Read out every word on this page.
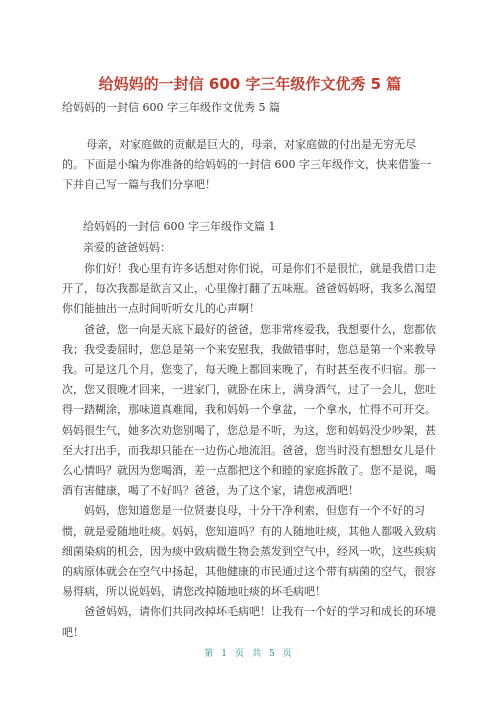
给妈妈的一封信 600 字三年级作文优秀 5 篇
给妈妈的一封信 600 字三年级作文优秀 5 篇

母亲，对家庭做的贡献是巨大的，母亲，对家庭做的付出是无穷无尽的。下面是小编为你准备的给妈妈的一封信 600 字三年级作文，快来借鉴一下并自己写一篇与我们分享吧！

给妈妈的一封信 600 字三年级作文篇 1
亲爱的爸爸妈妈：

你们好！我心里有许多话想对你们说，可是你们不是很忙，就是我借口走开了，每次我都是欲言又止，心里像打翻了五味瓶。爸爸妈妈呀，我多么渴望你们能抽出一点时间听听女儿的心声啊！

爸爸，您一向是天底下最好的爸爸，您非常疼爱我，我想要什么，您都依我；我受委屈时，您总是第一个来安慰我，我做错事时，您总是第一个来教导我。可是这几个月，您变了，每天晚上都回来晚了，有时甚至夜不归宿。那一次，您又很晚才回来，一进家门，就卧在床上，满身酒气，过了一会儿，您吐得一踏糊涂，那味道真难闻，我和妈妈一个拿盆，一个拿水，忙得不可开交。妈妈很生气，她多次劝您别喝了，您总是不听，为这，您和妈妈没少吵架，甚至大打出手，而我却只能在一边伤心地流泪。爸爸，您当时没有想想女儿是什么心情吗？就因为您喝酒，差一点都把这个和睦的家庭拆散了。您不是说，喝酒有害健康，喝了不好吗？爸爸，为了这个家，请您戒酒吧！

妈妈，您知道您是一位贤妻良母，十分干净利索，但您有一个不好的习惯，就是爱随地吐痰。妈妈，您知道吗？有的人随地吐痰，其他人都吸入致病细菌染病的机会，因为痰中致病微生物会蒸发到空气中，经风一吹，这些疾病的病原体就会在空气中扬起，其他健康的市民通过这个带有病菌的空气，很容易得病，所以说妈妈，请您改掉随地吐痰的坏毛病吧！

爸爸妈妈，请你们共同改掉坏毛病吧！让我有一个好的学习和成长的环境吧！

第 1 页 共 5 页
